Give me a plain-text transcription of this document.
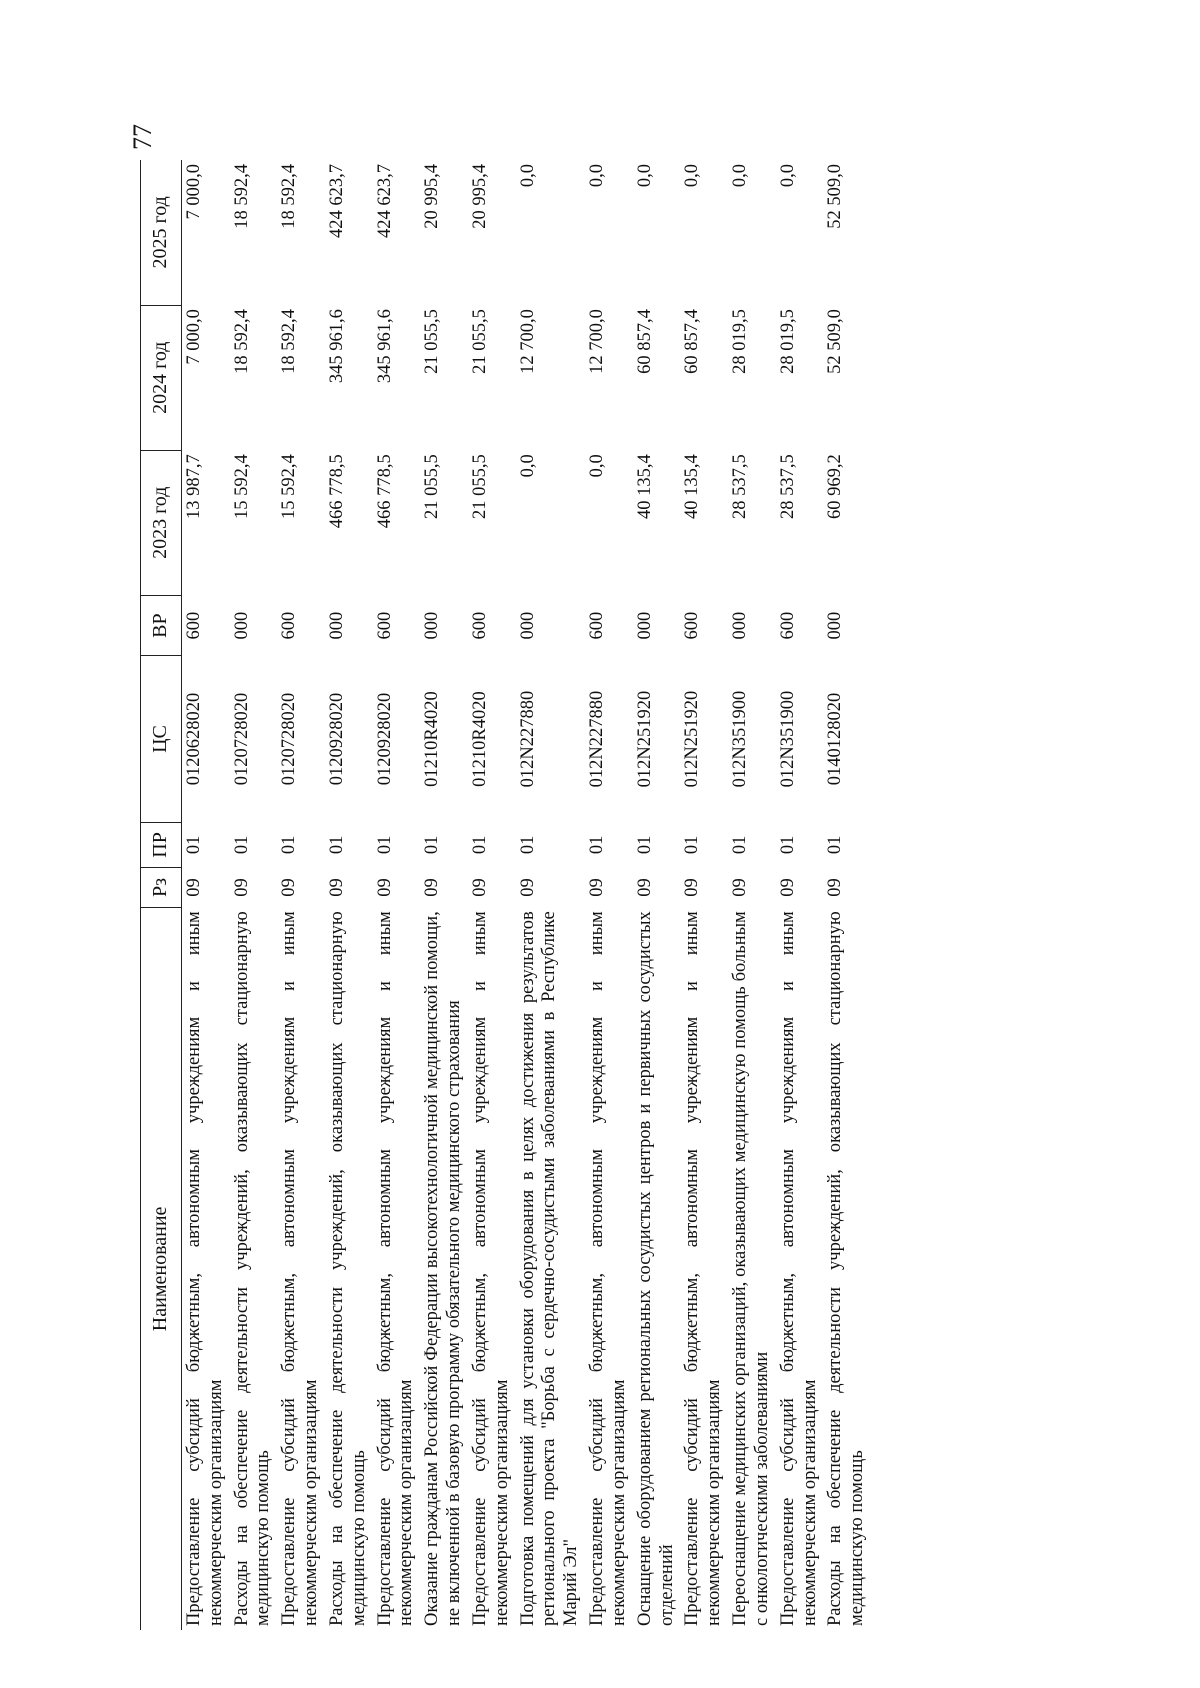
77
Наименование	Рз	ПР	ЦС	ВР	2023 год	2024 год	2025 год
Предоставление субсидий бюджетным, автономным учреждениям и иным некоммерческим организациям	09	01	0120628020	600	13 987,7	7 000,0	7 000,0
Расходы на обеспечение деятельности учреждений, оказывающих стационарную медицинскую помощь	09	01	0120728020	000	15 592,4	18 592,4	18 592,4
Предоставление субсидий бюджетным, автономным учреждениям и иным некоммерческим организациям	09	01	0120728020	600	15 592,4	18 592,4	18 592,4
Расходы на обеспечение деятельности учреждений, оказывающих стационарную медицинскую помощь	09	01	0120928020	000	466 778,5	345 961,6	424 623,7
Предоставление субсидий бюджетным, автономным учреждениям и иным некоммерческим организациям	09	01	0120928020	600	466 778,5	345 961,6	424 623,7
Оказание гражданам Российской Федерации высокотехнологичной медицинской помощи, не включенной в базовую программу обязательного медицинского страхования	09	01	01210R4020	000	21 055,5	21 055,5	20 995,4
Предоставление субсидий бюджетным, автономным учреждениям и иным некоммерческим организациям	09	01	01210R4020	600	21 055,5	21 055,5	20 995,4
Подготовка помещений для установки оборудования в целях достижения результатов регионального проекта "Борьба с сердечно-сосудистыми заболеваниями в Республике Марий Эл"	09	01	012N227880	000	0,0	12 700,0	0,0
Предоставление субсидий бюджетным, автономным учреждениям и иным некоммерческим организациям	09	01	012N227880	600	0,0	12 700,0	0,0
Оснащение оборудованием региональных сосудистых центров и первичных сосудистых отделений	09	01	012N251920	000	40 135,4	60 857,4	0,0
Предоставление субсидий бюджетным, автономным учреждениям и иным некоммерческим организациям	09	01	012N251920	600	40 135,4	60 857,4	0,0
Переоснащение медицинских организаций, оказывающих медицинскую помощь больным с онкологическими заболеваниями	09	01	012N351900	000	28 537,5	28 019,5	0,0
Предоставление субсидий бюджетным, автономным учреждениям и иным некоммерческим организациям	09	01	012N351900	600	28 537,5	28 019,5	0,0
Расходы на обеспечение деятельности учреждений, оказывающих стационарную медицинскую помощь	09	01	0140128020	000	60 969,2	52 509,0	52 509,0
